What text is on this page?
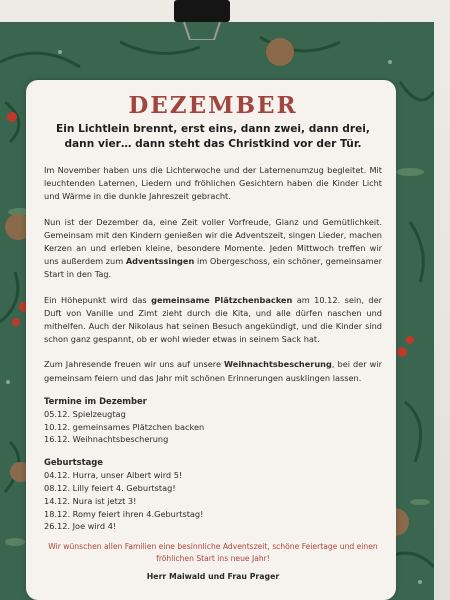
DEZEMBER

Ein Lichtlein brennt, erst eins, dann zwei, dann drei, dann vier… dann steht das Christkind vor der Tür.

Im November haben uns die Lichterwoche und der Laternenumzug begleitet. Mit leuchtenden Laternen, Liedern und fröhlichen Gesichtern haben die Kinder Licht und Wärme in die dunkle Jahreszeit gebracht.

Nun ist der Dezember da, eine Zeit voller Vorfreude, Glanz und Gemütlichkeit. Gemeinsam mit den Kindern genießen wir die Adventszeit, singen Lieder, machen Kerzen an und erleben kleine, besondere Momente. Jeden Mittwoch treffen wir uns außerdem zum Adventssingen im Obergeschoss, ein schöner, gemeinsamer Start in den Tag.

Ein Höhepunkt wird das gemeinsame Plätzchenbacken am 10.12. sein, der Duft von Vanille und Zimt zieht durch die Kita, und alle dürfen naschen und mithelfen. Auch der Nikolaus hat seinen Besuch angekündigt, und die Kinder sind schon ganz gespannt, ob er wohl wieder etwas in seinem Sack hat.

Zum Jahresende freuen wir uns auf unsere Weihnachtsbescherung, bei der wir gemeinsam feiern und das Jahr mit schönen Erinnerungen ausklingen lassen.

Termine im Dezember
05.12. Spielzeugtag
10.12. gemeinsames Plätzchen backen
16.12. Weihnachtsbescherung
Geburtstage
04.12. Hurra, unser Albert wird 5!
08.12. Lilly feiert 4. Geburtstag!
14.12. Nura ist jetzt 3!
18.12. Romy feiert ihren 4.Geburtstag!
26.12. Joe wird 4!

Wir wünschen allen Familien eine besinnliche Adventszeit, schöne Feiertage und einen fröhlichen Start ins neue Jahr!

Herr Maiwald und Frau Prager
